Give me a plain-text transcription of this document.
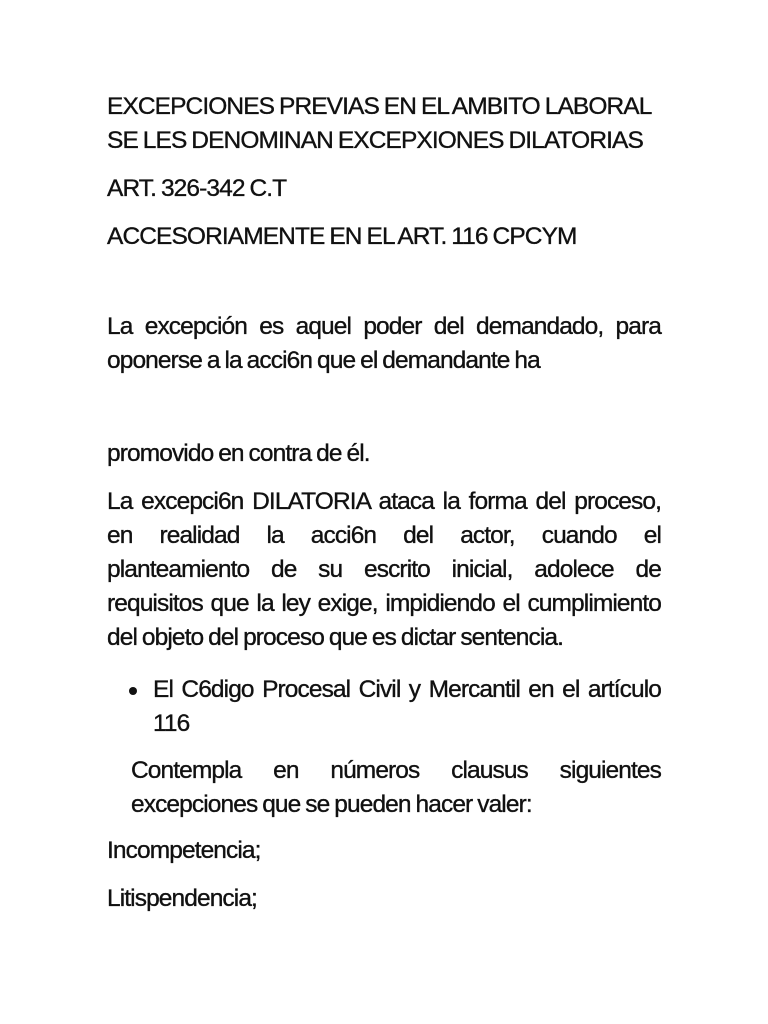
EXCEPCIONES PREVIAS EN EL AMBITO LABORAL
SE LES DENOMINAN EXCEPXIONES DILATORIAS
ART. 326-342 C.T
ACCESORIAMENTE EN EL ART. 116 CPCYM
La excepción es aquel poder del demandado, para
oponerse a la acci6n que el demandante ha
promovido en contra de él.
La excepci6n DILATORIA ataca la forma del proceso,
en realidad la acci6n del actor, cuando el
planteamiento de su escrito inicial, adolece de
requisitos que la ley exige, impidiendo el cumplimiento
del objeto del proceso que es dictar sentencia.
El C6digo Procesal Civil y Mercantil en el artículo
116
Contempla en números clausus siguientes
excepciones que se pueden hacer valer:
Incompetencia;
Litispendencia;
